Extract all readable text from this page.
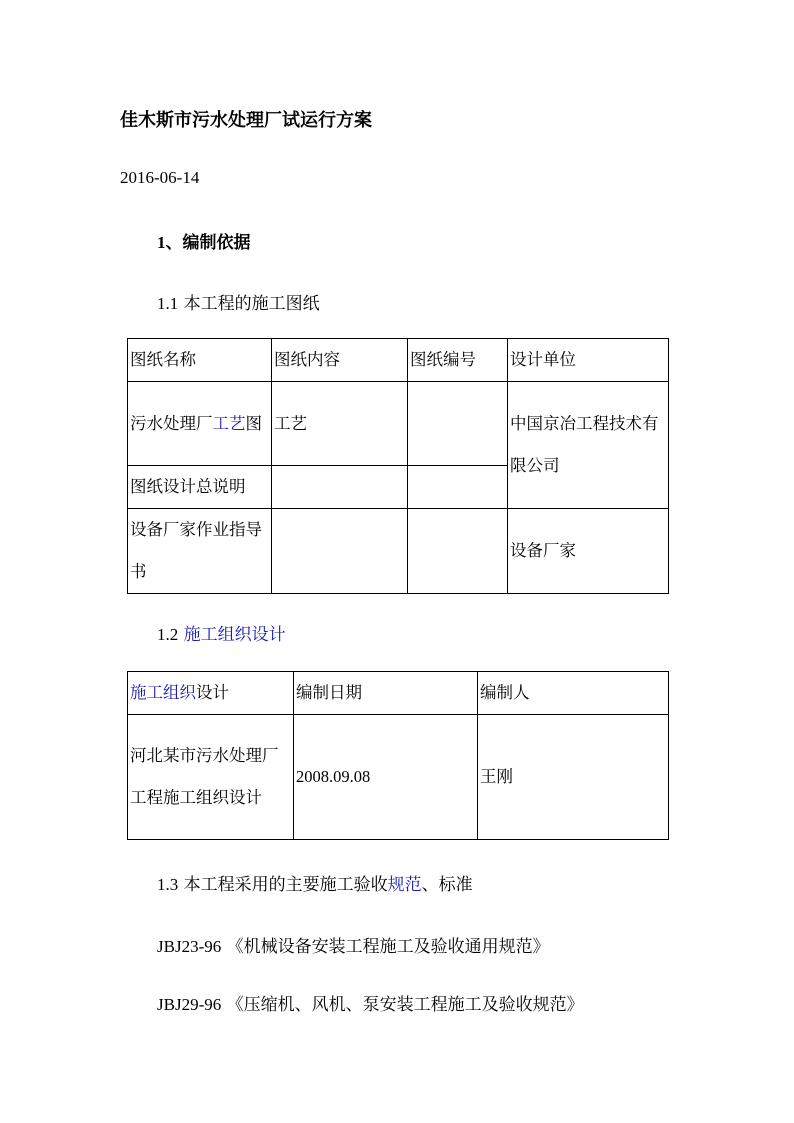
佳木斯市污水处理厂试运行方案
2016-06-14
1、编制依据
1.1 本工程的施工图纸
图纸名称	图纸内容	图纸编号	设计单位
污水处理厂工艺图	工艺		中国京冶工程技术有限公司
图纸设计总说明			
设备厂家作业指导书			设备厂家
1.2 施工组织设计
施工组织设计	编制日期	编制人
河北某市污水处理厂工程施工组织设计	2008.09.08	王刚
1.3 本工程采用的主要施工验收规范、标准
JBJ23-96 《机械设备安装工程施工及验收通用规范》
JBJ29-96 《压缩机、风机、泵安装工程施工及验收规范》
